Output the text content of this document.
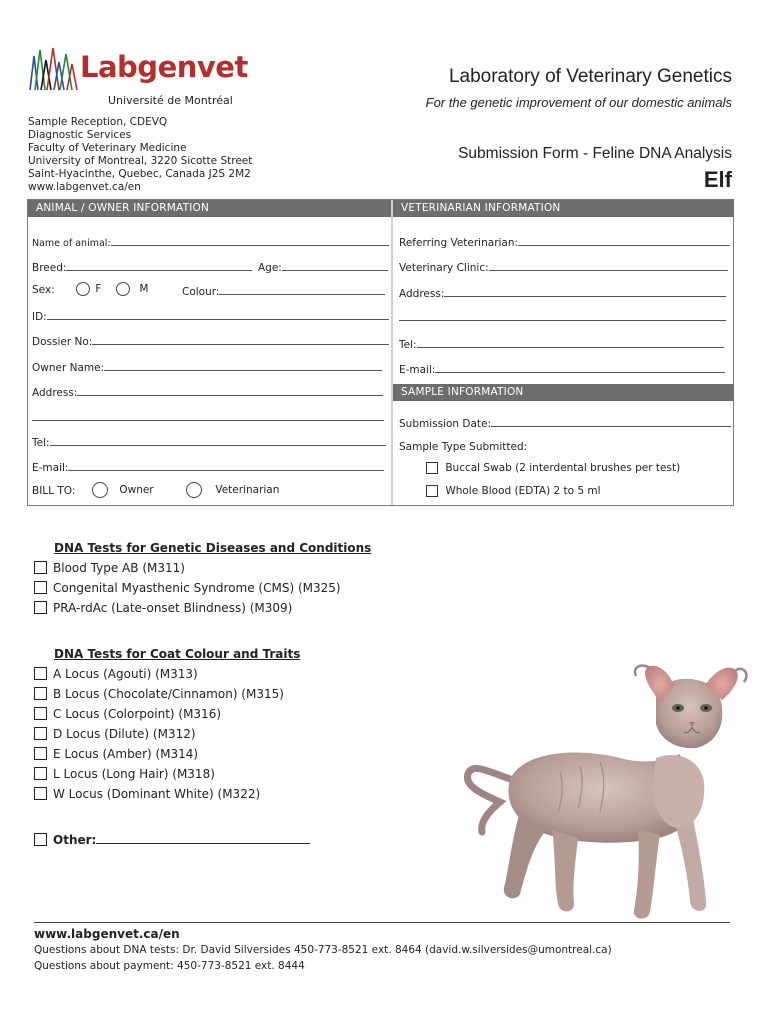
Labgenvet
Université de Montréal
Laboratory of Veterinary Genetics
For the genetic improvement of our domestic animals
Submission Form - Feline DNA Analysis
Elf
Sample Reception, CDEVQ
Diagnostic Services
Faculty of Veterinary Medicine
University of Montreal, 3220 Sicotte Street
Saint-Hyacinthe, Quebec, Canada J2S 2M2
www.labgenvet.ca/en
ANIMAL / OWNER INFORMATION	VETERINARIAN INFORMATION
Name of animal:
Breed:	Age:
Sex:	F	M	Colour:
ID:
Dossier No:
Owner Name:
Address:
Tel:
E-mail:
BILL TO:	Owner	Veterinarian
Referring Veterinarian:
Veterinary Clinic:
Address:
Tel:
E-mail:
SAMPLE INFORMATION
Submission Date:
Sample Type Submitted:
Buccal Swab (2 interdental brushes per test)
Whole Blood (EDTA) 2 to 5 ml
DNA Tests for Genetic Diseases and Conditions
Blood Type AB (M311)
Congenital Myasthenic Syndrome (CMS) (M325)
PRA-rdAc (Late-onset Blindness) (M309)
DNA Tests for Coat Colour and Traits
A Locus (Agouti) (M313)
B Locus (Chocolate/Cinnamon) (M315)
C Locus (Colorpoint) (M316)
D Locus (Dilute) (M312)
E Locus (Amber) (M314)
L Locus (Long Hair) (M318)
W Locus (Dominant White) (M322)
Other:
www.labgenvet.ca/en
Questions about DNA tests: Dr. David Silversides 450-773-8521 ext. 8464 (david.w.silversides@umontreal.ca)
Questions about payment: 450-773-8521 ext. 8444
